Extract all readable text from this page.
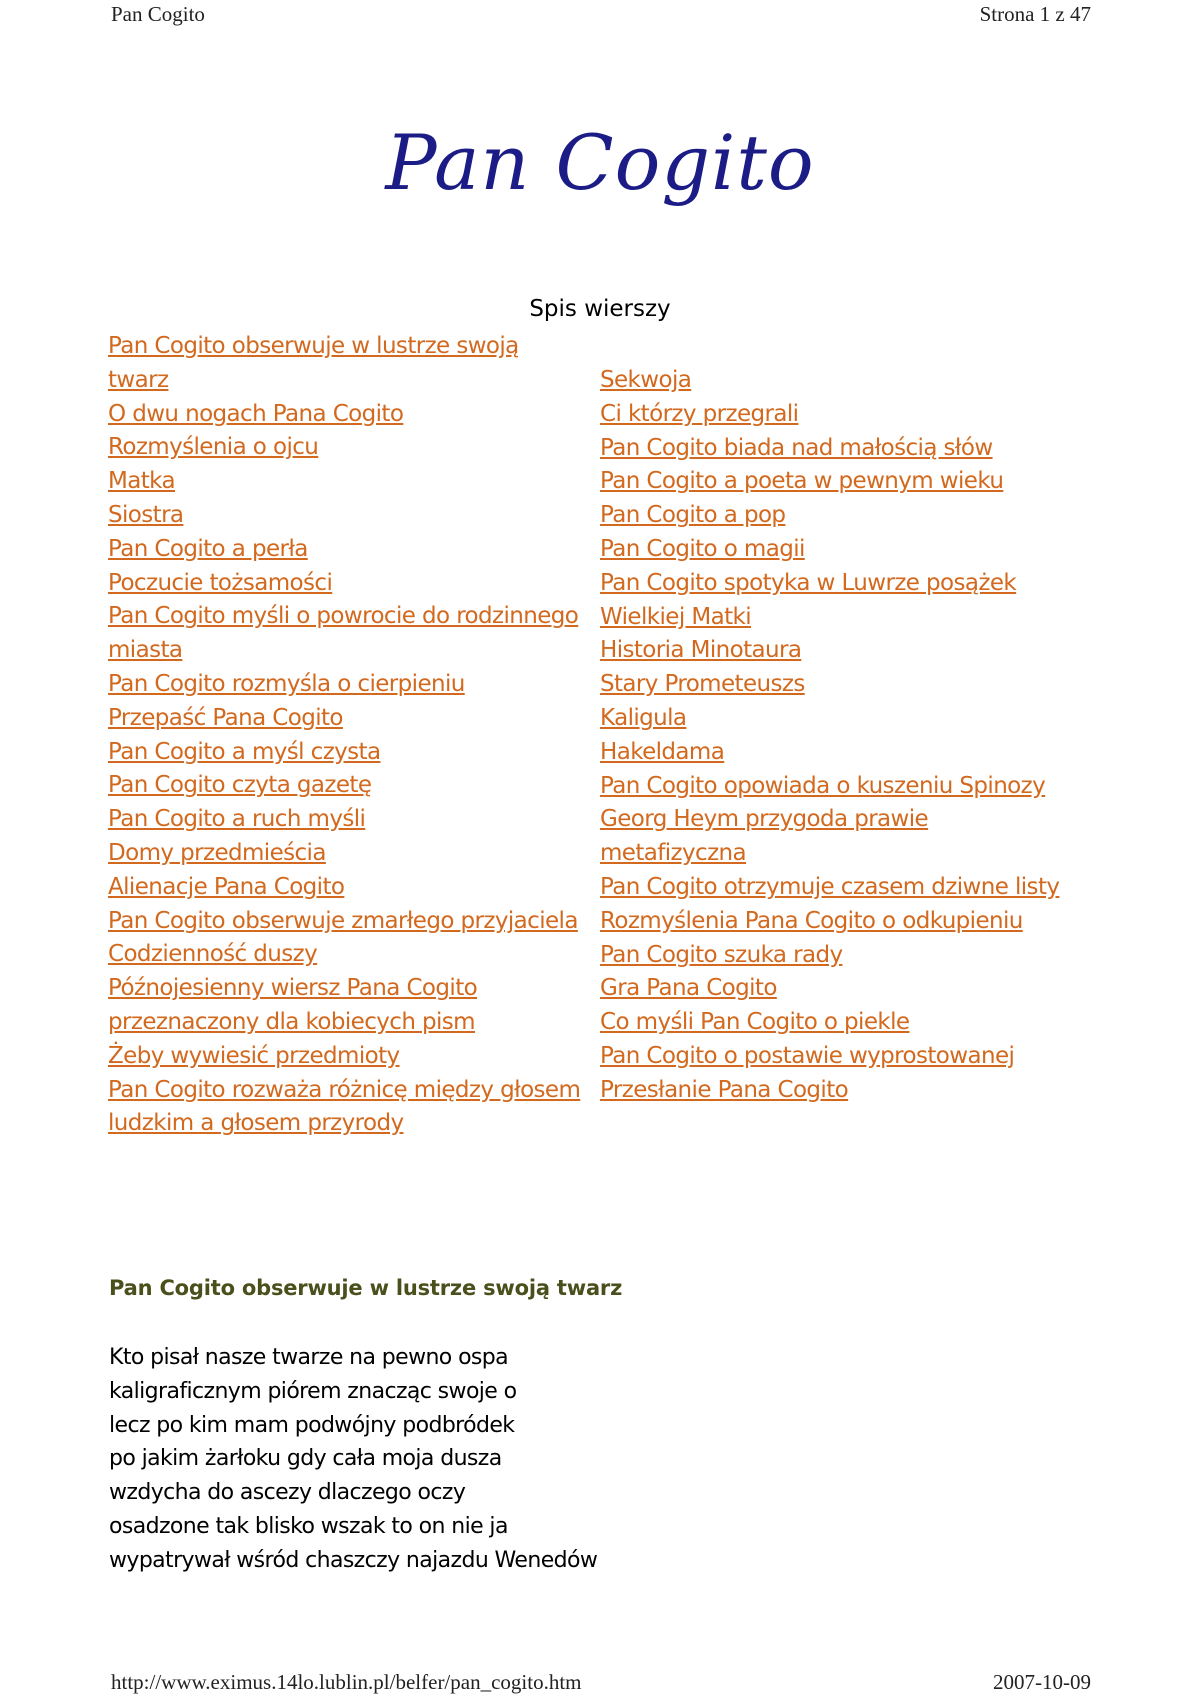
Pan Cogito	Strona 1 z 47
Pan Cogito
Spis wierszy
Pan Cogito obserwuje w lustrze swoją
twarz
O dwu nogach Pana Cogito
Rozmyślenia o ojcu
Matka
Siostra
Pan Cogito a perła
Poczucie tożsamości
Pan Cogito myśli o powrocie do rodzinnego
miasta
Pan Cogito rozmyśla o cierpieniu
Przepaść Pana Cogito
Pan Cogito a myśl czysta
Pan Cogito czyta gazetę
Pan Cogito a ruch myśli
Domy przedmieścia
Alienacje Pana Cogito
Pan Cogito obserwuje zmarłego przyjaciela
Codzienność duszy
Późnojesienny wiersz Pana Cogito
przeznaczony dla kobiecych pism
Żeby wywiesić przedmioty
Pan Cogito rozważa różnicę między głosem
ludzkim a głosem przyrody
Sekwoja
Ci którzy przegrali
Pan Cogito biada nad małością słów
Pan Cogito a poeta w pewnym wieku
Pan Cogito a pop
Pan Cogito o magii
Pan Cogito spotyka w Luwrze posążek
Wielkiej Matki
Historia Minotaura
Stary Prometeuszs
Kaligula
Hakeldama
Pan Cogito opowiada o kuszeniu Spinozy
Georg Heym przygoda prawie
metafizyczna
Pan Cogito otrzymuje czasem dziwne listy
Rozmyślenia Pana Cogito o odkupieniu
Pan Cogito szuka rady
Gra Pana Cogito
Co myśli Pan Cogito o piekle
Pan Cogito o postawie wyprostowanej
Przesłanie Pana Cogito
Pan Cogito obserwuje w lustrze swoją twarz
Kto pisał nasze twarze na pewno ospa
kaligraficznym piórem znacząc swoje o
lecz po kim mam podwójny podbródek
po jakim żarłoku gdy cała moja dusza
wzdycha do ascezy dlaczego oczy
osadzone tak blisko wszak to on nie ja
wypatrywał wśród chaszczy najazdu Wenedów
http://www.eximus.14lo.lublin.pl/belfer/pan_cogito.htm	2007-10-09
